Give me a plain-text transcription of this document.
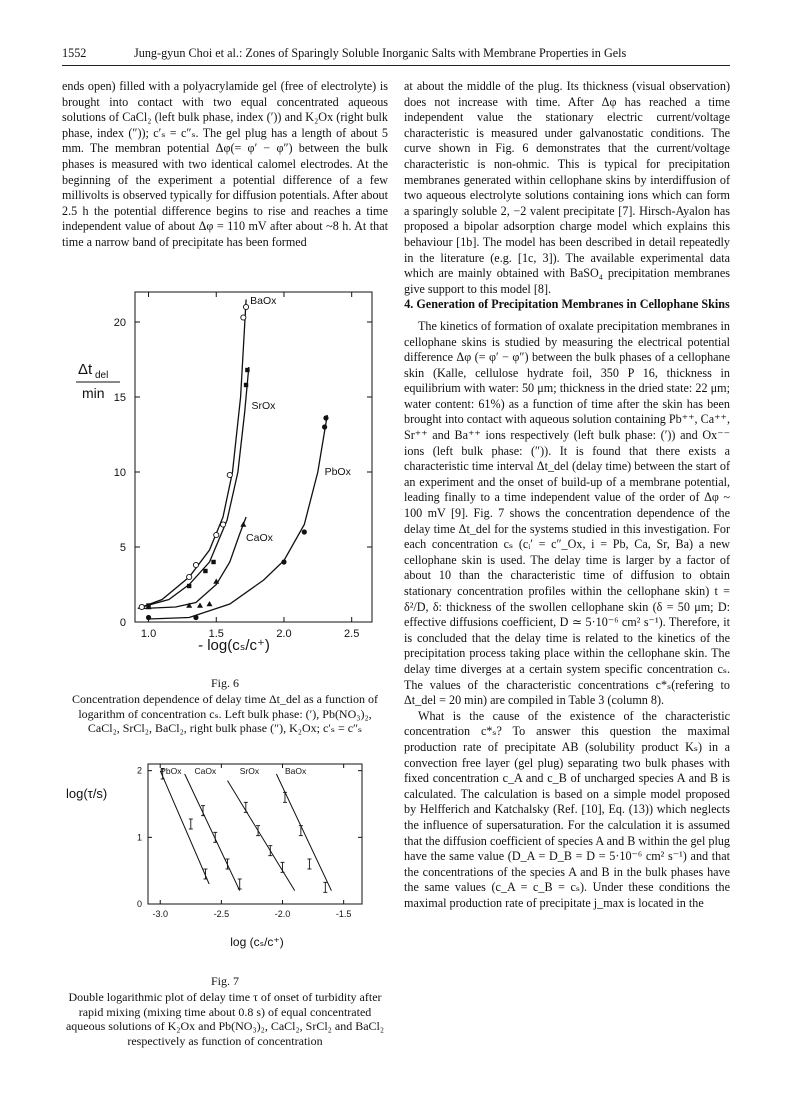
1552	Jung-gyun Choi et al.: Zones of Sparingly Soluble Inorganic Salts with Membrane Properties in Gels

ends open) filled with a polyacrylamide gel (free of electrolyte) is brought into contact with two equal concentrated aqueous solutions of CaCl₂ (left bulk phase, index (′)) and K₂Ox (right bulk phase, index (″)); c′ₛ = c″ₛ. The gel plug has a length of about 5 mm. The membran potential Δφ(= φ′ − φ″) between the bulk phases is measured with two identical calomel electrodes. At the beginning of the experiment a potential difference of a few millivolts is observed typically for diffusion potentials. After about 2.5 h the potential difference begins to rise and reaches a time independent value of about Δφ = 110 mV after about ~8 h. At that time a narrow band of precipitate has been formed

1.0	1.5	2.0	2.5
0
5
10
15
20
BaOx
SrOx
PbOx
CaOx
Δt del
min
- log(cₛ/c⁺)
Fig. 6
Concentration dependence of delay time Δt_del as a function of logarithm of concentration cₛ. Left bulk phase: (′), Pb(NO₃)₂, CaCl₂, SrCl₂, BaCl₂, right bulk phase (″), K₂Ox; c′ₛ = c″ₛ
-3.0	-2.5	-2.0	-1.5
0
1
2 PbOx CaOx	SrOx	BaOx
log(τ/s)
log (cₛ/c⁺)
Fig. 7
Double logarithmic plot of delay time τ of onset of turbidity after rapid mixing (mixing time about 0.8 s) of equal concentrated aqueous solutions of K₂Ox and Pb(NO₃)₂, CaCl₂, SrCl₂ and BaCl₂ respectively as function of concentration

at about the middle of the plug. Its thickness (visual observation) does not increase with time. After Δφ has reached a time independent value the stationary electric current/voltage characteristic is measured under galvanostatic conditions. The curve shown in Fig. 6 demonstrates that the current/voltage characteristic is non-ohmic. This is typical for precipitation membranes generated within cellophane skins by interdiffusion of two aqueous electrolyte solutions containing ions which can form a sparingly soluble 2, −2 valent precipitate [7]. Hirsch-Ayalon has proposed a bipolar adsorption charge model which explains this behaviour [1b]. The model has been described in detail repeatedly in the literature (e.g. [1c, 3]). The available experimental data which are mainly obtained with BaSO₄ precipitation membranes give support to this model [8].

4. Generation of Precipitation Membranes in Cellophane Skins

The kinetics of formation of oxalate precipitation membranes in cellophane skins is studied by measuring the electrical potential difference Δφ (= φ′ − φ″) between the bulk phases of a cellophane skin (Kalle, cellulose hydrate foil, 350 P 16, thickness in equilibrium with water: 50 μm; thickness in the dried state: 22 μm; water content: 61%) as a function of time after the skin has been brought into contact with aqueous solution containing Pb⁺⁺, Ca⁺⁺, Sr⁺⁺ and Ba⁺⁺ ions respectively (left bulk phase: (′)) and Ox⁻⁻ ions (left bulk phase: (″)). It is found that there exists a characteristic time interval Δt_del (delay time) between the start of an experiment and the onset of build-up of a membrane potential, leading finally to a time independent value of the order of Δφ ~ 100 mV [9]. Fig. 7 shows the concentration dependence of the delay time Δt_del for the systems studied in this investigation. For each concentration cₛ (cᵢ′ = c″_Ox, i = Pb, Ca, Sr, Ba) a new cellophane skin is used. The delay time is larger by a factor of about 10 than the characteristic time of diffusion to obtain stationary concentration profiles within the cellophane skin) t = δ²/D, δ: thickness of the swollen cellophane skin (δ = 50 μm; D: effective diffusions coefficient, D ≃ 5·10⁻⁶ cm² s⁻¹). Therefore, it is concluded that the delay time is related to the kinetics of the precipitation process taking place within the cellophane skin. The delay time diverges at a certain system specific concentration cₛ. The values of the characteristic concentrations c*ₛ(refering to Δt_del = 20 min) are compiled in Table 3 (column 8).

What is the cause of the existence of the characteristic concentration c*ₛ? To answer this question the maximal production rate of precipitate AB (solubility product Kₛ) in a convection free layer (gel plug) separating two bulk phases with fixed concentration c_A and c_B of uncharged species A and B is calculated. The calculation is based on a simple model proposed by Helfferich and Katchalsky (Ref. [10], Eq. (13)) which neglects the influence of supersaturation. For the calculation it is assumed that the diffusion coefficient of species A and B within the gel plug have the same value (D_A = D_B = D = 5·10⁻⁶ cm² s⁻¹) and that the concentrations of the species A and B in the bulk phases have the same values (c_A = c_B = cₛ). Under these conditions the maximal production rate of precipitate j_max is located in the
